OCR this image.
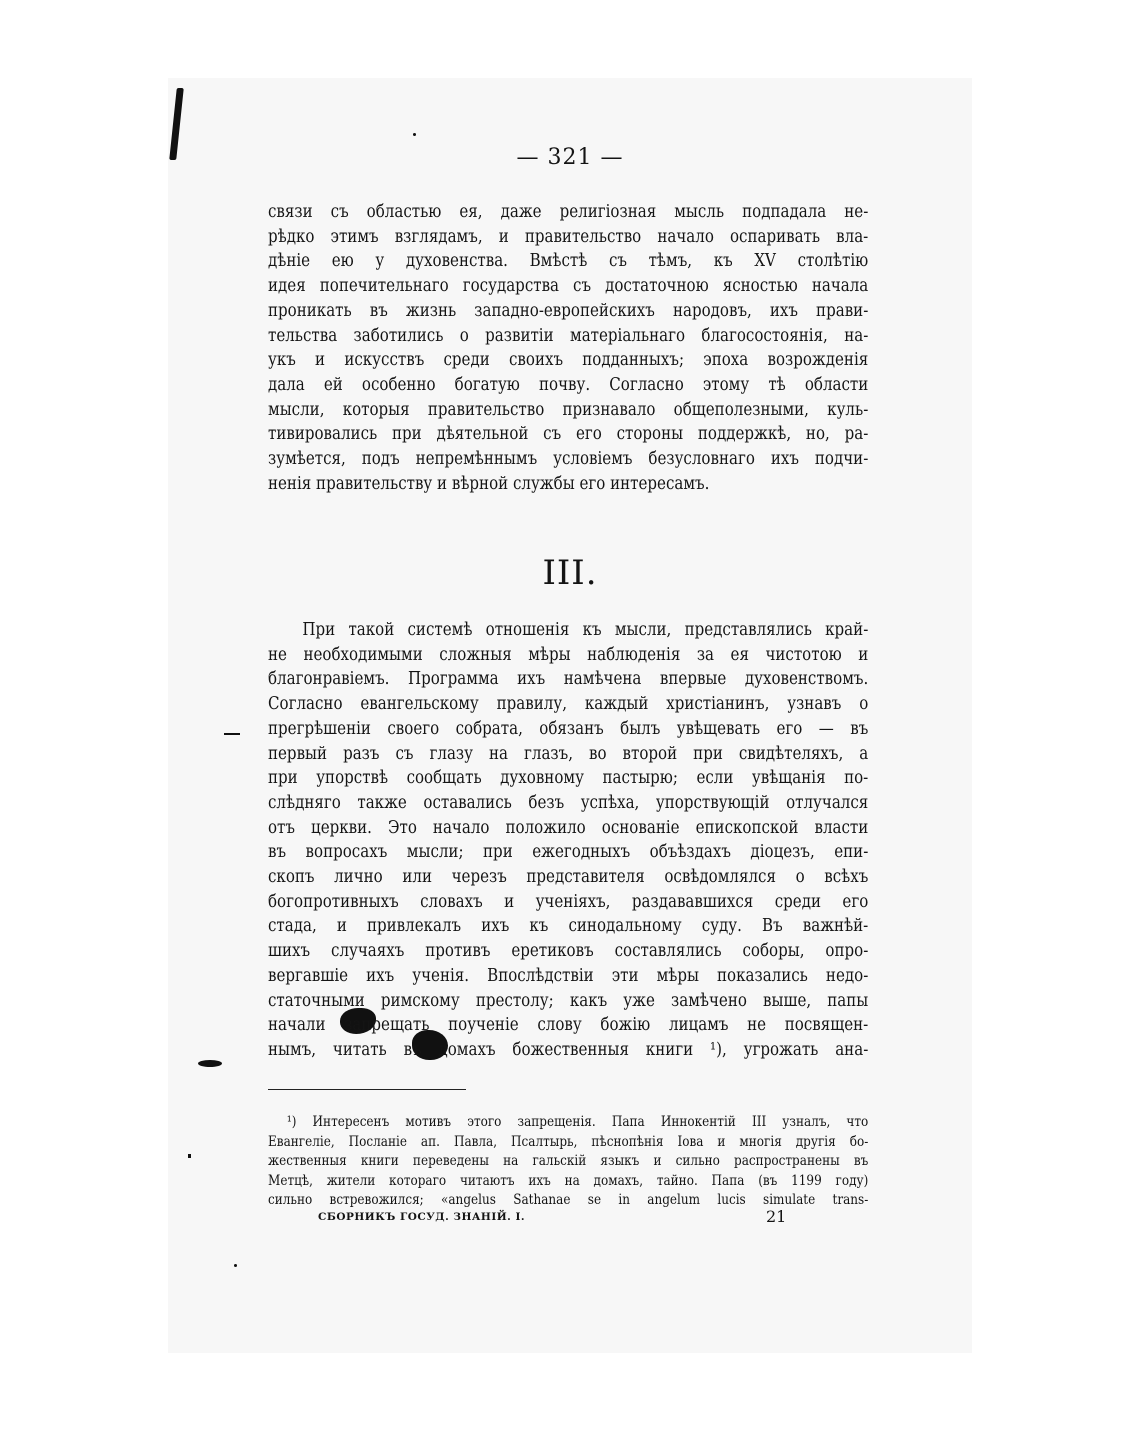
— 321 —
связи съ областью ея, даже религіозная мысль подпадала не-
рѣдко этимъ взглядамъ, и правительство начало оспаривать вла-
дѣніе ею у духовенства. Вмѣстѣ съ тѣмъ, къ XV столѣтію
идея попечительнаго государства съ достаточною ясностью начала
проникать въ жизнь западно-европейскихъ народовъ, ихъ прави-
тельства заботились о развитіи матеріальнаго благосостоянія, на-
укъ и искусствъ среди своихъ подданныхъ; эпоха возрожденія
дала ей особенно богатую почву. Согласно этому тѣ области
мысли, которыя правительство признавало общеполезными, куль-
тивировались при дѣятельной съ его стороны поддержкѣ, но, ра-
зумѣется, подъ непремѣннымъ условіемъ безусловнаго ихъ подчи-
ненія правительству и вѣрной службы его интересамъ.
III.
При такой системѣ отношенія къ мысли, представлялись край-
не необходимыми сложныя мѣры наблюденія за ея чистотою и
благонравіемъ. Программа ихъ намѣчена впервые духовенствомъ.
Согласно евангельскому правилу, каждый христіанинъ, узнавъ о
прегрѣшеніи своего собрата, обязанъ былъ увѣщевать его — въ
первый разъ съ глазу на глазъ, во второй при свидѣтеляхъ, а
при упорствѣ сообщать духовному пастырю; если увѣщанія по-
слѣдняго также оставались безъ успѣха, упорствующій отлучался
отъ церкви. Это начало положило основаніе епископской власти
въ вопросахъ мысли; при ежегодныхъ объѣздахъ діоцезъ, епи-
скопъ лично или черезъ представителя освѣдомлялся о всѣхъ
богопротивныхъ словахъ и ученіяхъ, раздававшихся среди его
стада, и привлекалъ ихъ къ синодальному суду. Въ важнѣй-
шихъ случаяхъ противъ еретиковъ составлялись соборы, опро-
вергавшіе ихъ ученія. Впослѣдствіи эти мѣры показались недо-
статочными римскому престолу; какъ уже замѣчено выше, папы
начали запрещать поученіе слову божію лицамъ не посвящен-
нымъ, читать въ домахъ божественныя книги ¹), угрожать ана-
¹) Интересенъ мотивъ этого запрещенія. Папа Иннокентій III узналъ, что
Евангеліе, Посланіе ап. Павла, Псалтырь, пѣснопѣнія Іова и многія другія бо-
жественныя книги переведены на гальскій языкъ и сильно распространены въ
Метцѣ, жители котораго читаютъ ихъ на домахъ, тайно. Папа (въ 1199 году)
сильно встревожился; «angelus Sathanae se in angelum lucis simulate trans-
СБОРНИКЪ ГОСУД. ЗНАНІЙ. I.	21
